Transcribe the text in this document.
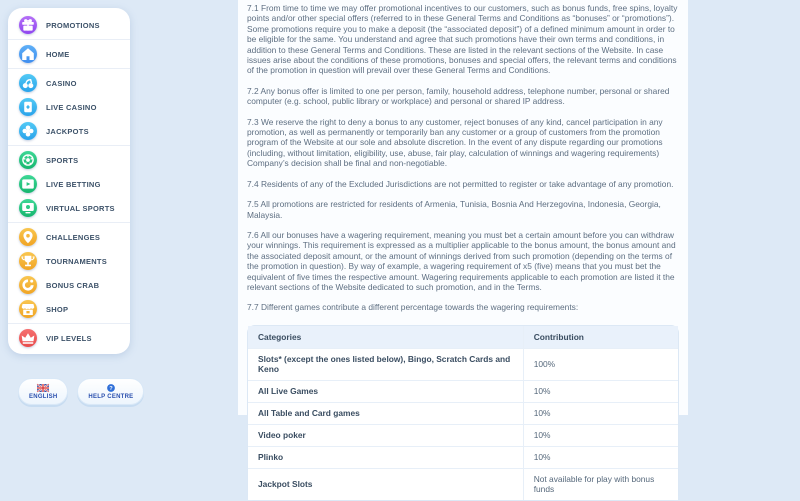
PROMOTIONS
HOME
CASINO
LIVE CASINO
JACKPOTS
SPORTS
LIVE BETTING
VIRTUAL SPORTS
CHALLENGES
TOURNAMENTS
BONUS CRAB
SHOP
VIP LEVELS
ENGLISH
?
HELP CENTRE

7.1 From time to time we may offer promotional incentives to our customers, such as bonus funds, free spins, loyalty points and/or other special offers (referred to in these General Terms and Conditions as “bonuses” or “promotions”). Some promotions require you to make a deposit (the “associated deposit”) of a defined minimum amount in order to be eligible for the same. You understand and agree that such promotions have their own terms and conditions, in addition to these General Terms and Conditions. These are listed in the relevant sections of the Website. In case issues arise about the conditions of these promotions, bonuses and special offers, the relevant terms and conditions of the promotion in question will prevail over these General Terms and Conditions.

7.2 Any bonus offer is limited to one per person, family, household address, telephone number, personal or shared computer (e.g. school, public library or workplace) and personal or shared IP address.

7.3 We reserve the right to deny a bonus to any customer, reject bonuses of any kind, cancel participation in any promotion, as well as permanently or temporarily ban any customer or a group of customers from the promotion program of the Website at our sole and absolute discretion. In the event of any dispute regarding our promotions (including, without limitation, eligibility, use, abuse, fair play, calculation of winnings and wagering requirements) Company’s decision shall be final and non-negotiable.

7.4 Residents of any of the Excluded Jurisdictions are not permitted to register or take advantage of any promotion.

7.5 All promotions are restricted for residents of Armenia, Tunisia, Bosnia And Herzegovina, Indonesia, Georgia, Malaysia.

7.6 All our bonuses have a wagering requirement, meaning you must bet a certain amount before you can withdraw your winnings. This requirement is expressed as a multiplier applicable to the bonus amount, the bonus amount and the associated deposit amount, or the amount of winnings derived from such promotion (depending on the terms of the promotion in question). By way of example, a wagering requirement of x5 (five) means that you must bet the equivalent of five times the respective amount. Wagering requirements applicable to each promotion are listed it the relevant sections of the Website dedicated to such promotion, and in the Terms.

7.7 Different games contribute a different percentage towards the wagering requirements:

Categories	Contribution
Slots* (except the ones listed below), Bingo, Scratch Cards and Keno	100%
All Live Games	10%
All Table and Card games	10%
Video poker	10%
Plinko	10%
Jackpot Slots	Not available for play with bonus funds
